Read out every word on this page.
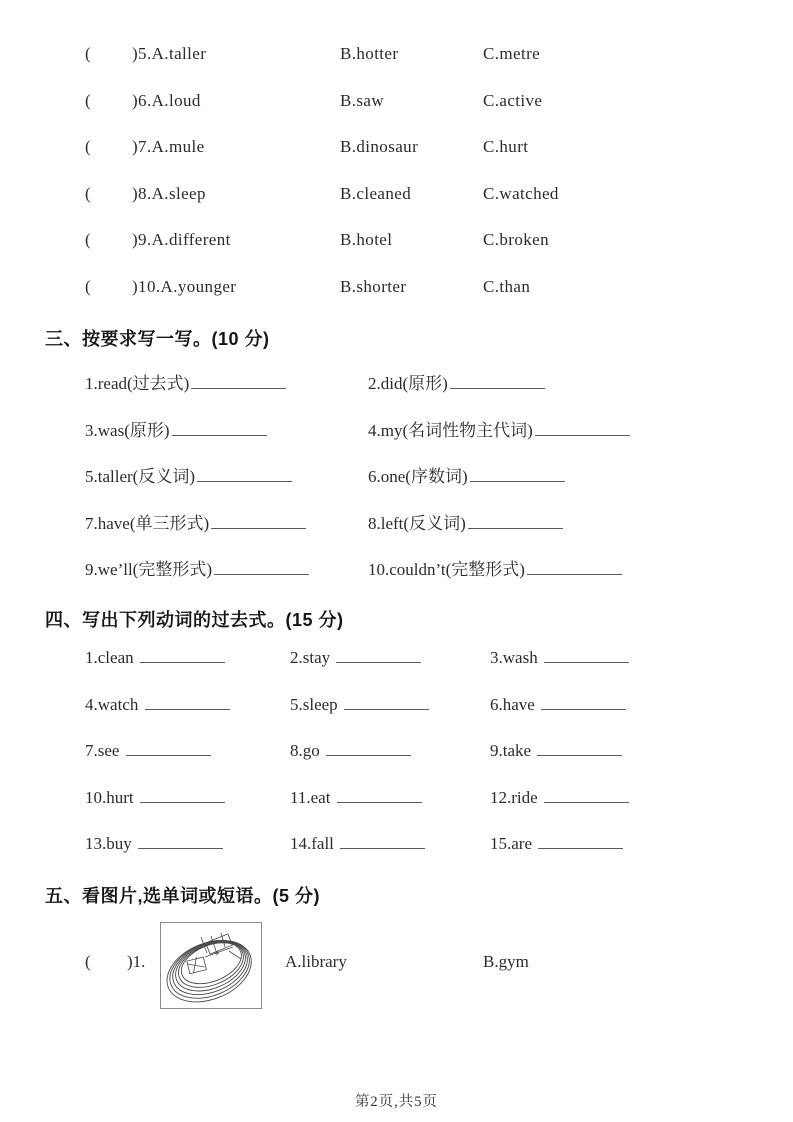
(	)5.A.taller	B.hotter	C.metre
(	)6.A.loud	B.saw	C.active
(	)7.A.mule	B.dinosaur	C.hurt
(	)8.A.sleep	B.cleaned	C.watched
(	)9.A.different	B.hotel	C.broken
(	)10.A.younger	B.shorter	C.than
三、按要求写一写。(10 分)
1.read(过去式)	2.did(原形)
3.was(原形)	4.my(名词性物主代词)
5.taller(反义词)	6.one(序数词)
7.have(单三形式)	8.left(反义词)
9.we’ll(完整形式)	10.couldn’t(完整形式)
四、写出下列动词的过去式。(15 分)
1.clean	2.stay	3.wash
4.watch	5.sleep	6.have
7.see	8.go	9.take
10.hurt	11.eat	12.ride
13.buy	14.fall	15.are
五、看图片,选单词或短语。(5 分)
( )1.	A.library	B.gym
第2页,共5页
